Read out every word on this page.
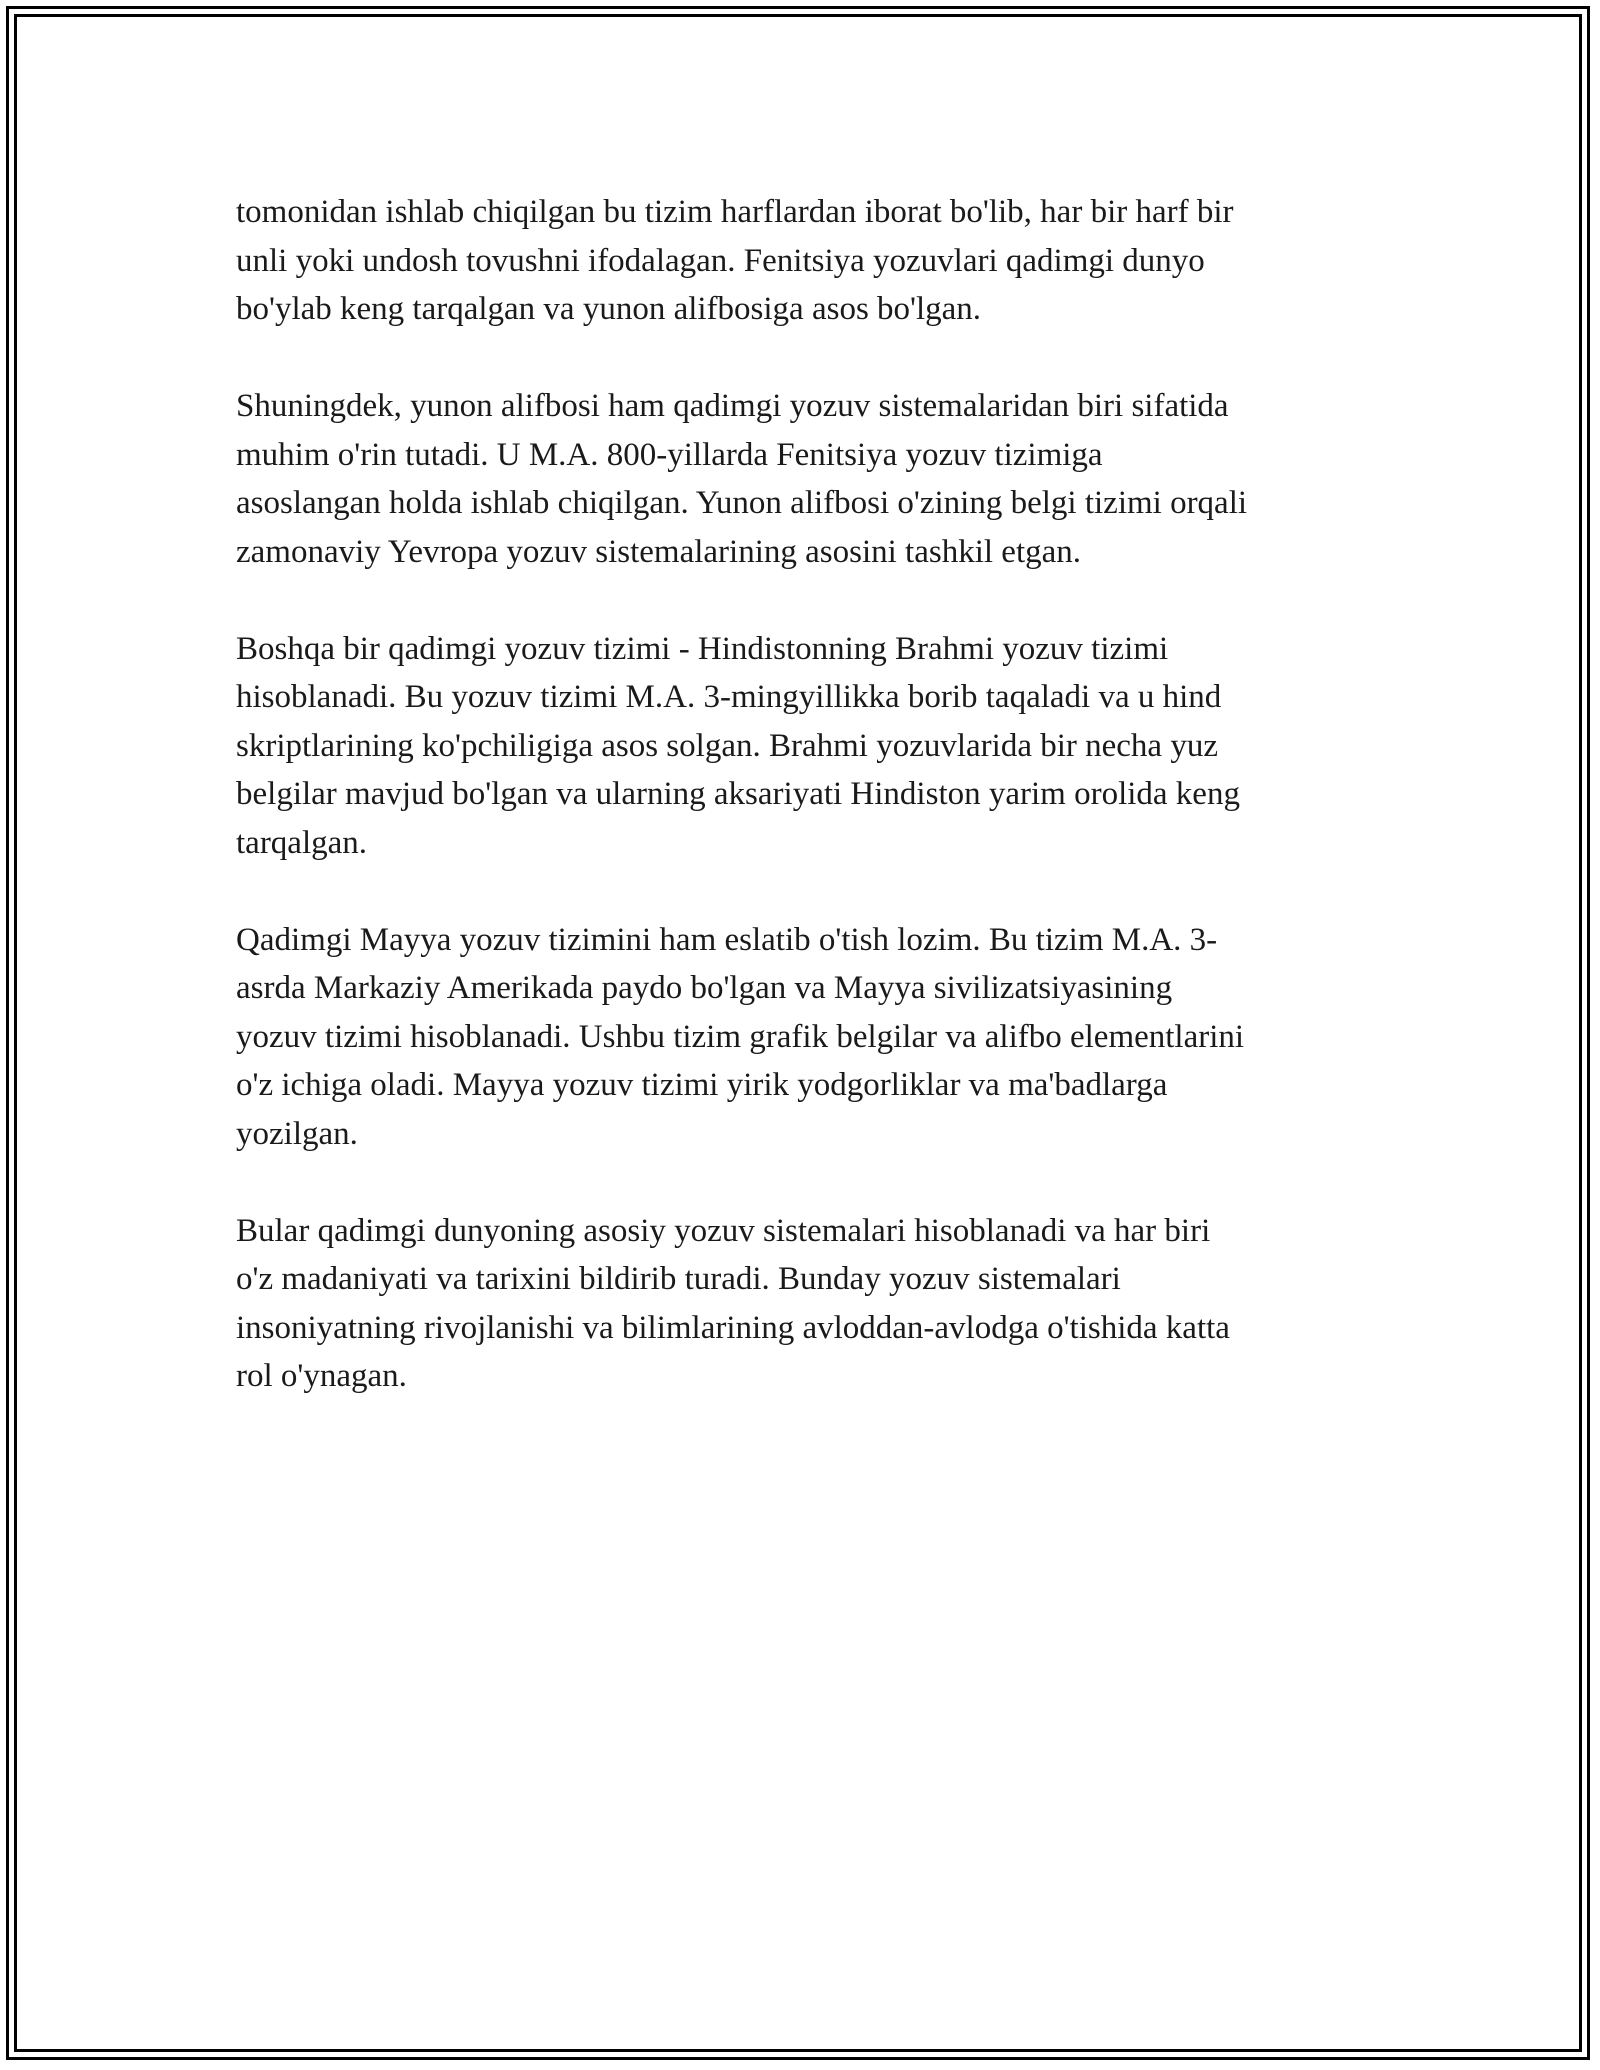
tomonidan ishlab chiqilgan bu tizim harflardan iborat bo'lib, har bir harf bir
unli yoki undosh tovushni ifodalagan. Fenitsiya yozuvlari qadimgi dunyo
bo'ylab keng tarqalgan va yunon alifbosiga asos bo'lgan.

Shuningdek, yunon alifbosi ham qadimgi yozuv sistemalaridan biri sifatida
muhim o'rin tutadi. U M.A. 800-yillarda Fenitsiya yozuv tizimiga
asoslangan holda ishlab chiqilgan. Yunon alifbosi o'zining belgi tizimi orqali
zamonaviy Yevropa yozuv sistemalarining asosini tashkil etgan.

Boshqa bir qadimgi yozuv tizimi - Hindistonning Brahmi yozuv tizimi
hisoblanadi. Bu yozuv tizimi M.A. 3-mingyillikka borib taqaladi va u hind
skriptlarining ko'pchiligiga asos solgan. Brahmi yozuvlarida bir necha yuz
belgilar mavjud bo'lgan va ularning aksariyati Hindiston yarim orolida keng
tarqalgan.

Qadimgi Mayya yozuv tizimini ham eslatib o'tish lozim. Bu tizim M.A. 3-
asrda Markaziy Amerikada paydo bo'lgan va Mayya sivilizatsiyasining
yozuv tizimi hisoblanadi. Ushbu tizim grafik belgilar va alifbo elementlarini
o'z ichiga oladi. Mayya yozuv tizimi yirik yodgorliklar va ma'badlarga
yozilgan.

Bular qadimgi dunyoning asosiy yozuv sistemalari hisoblanadi va har biri
o'z madaniyati va tarixini bildirib turadi. Bunday yozuv sistemalari
insoniyatning rivojlanishi va bilimlarining avloddan-avlodga o'tishida katta
rol o'ynagan.
